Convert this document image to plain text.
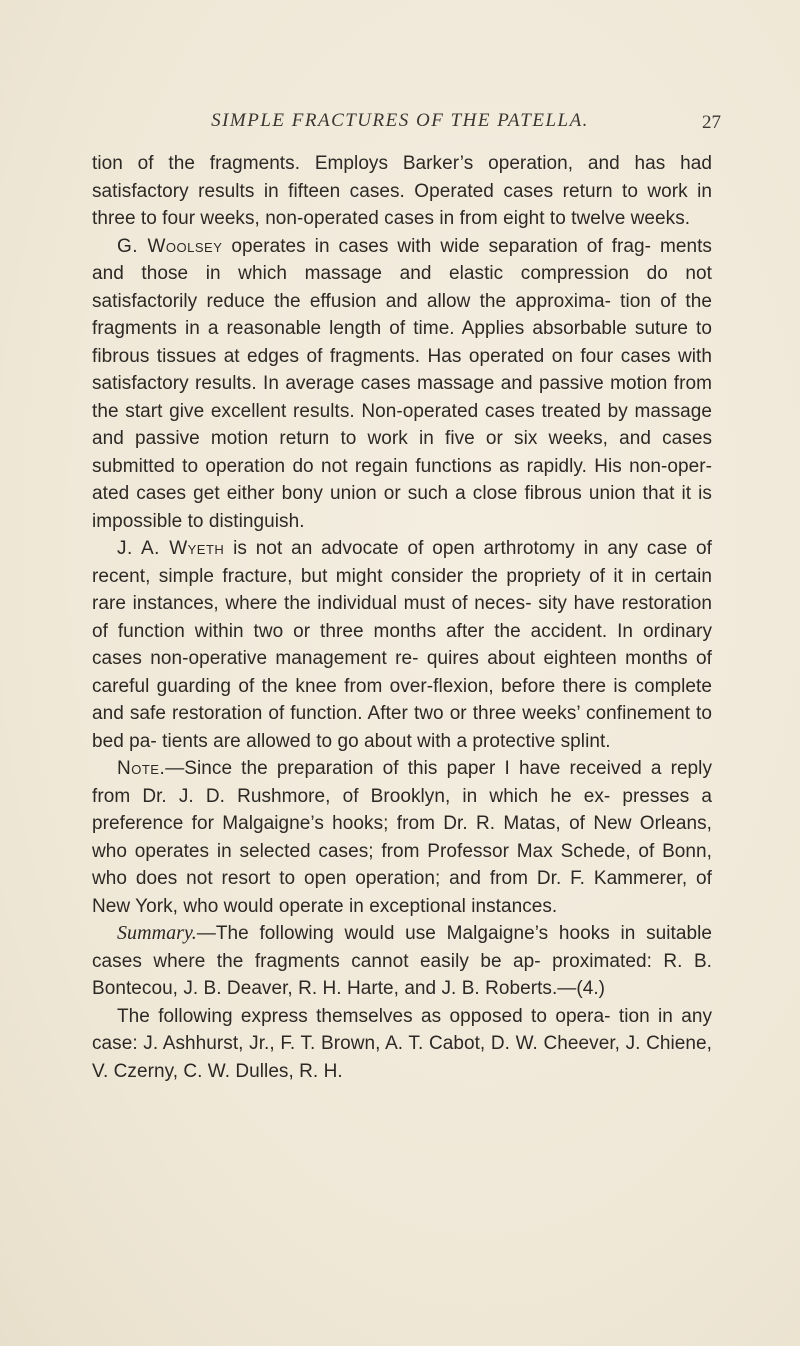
SIMPLE FRACTURES OF THE PATELLA.	27

tion of the fragments. Employs Barker’s operation, and has had satisfactory results in fifteen cases. Operated cases return to work in three to four weeks, non-operated cases in from eight to twelve weeks.

G. Woolsey operates in cases with wide separation of frag- ments and those in which massage and elastic compression do not satisfactorily reduce the effusion and allow the approxima- tion of the fragments in a reasonable length of time. Applies absorbable suture to fibrous tissues at edges of fragments. Has operated on four cases with satisfactory results. In average cases massage and passive motion from the start give excellent results. Non-operated cases treated by massage and passive motion return to work in five or six weeks, and cases submitted to operation do not regain functions as rapidly. His non-oper- ated cases get either bony union or such a close fibrous union that it is impossible to distinguish.

J. A. Wyeth is not an advocate of open arthrotomy in any case of recent, simple fracture, but might consider the propriety of it in certain rare instances, where the individual must of neces- sity have restoration of function within two or three months after the accident. In ordinary cases non-operative management re- quires about eighteen months of careful guarding of the knee from over-flexion, before there is complete and safe restoration of function. After two or three weeks’ confinement to bed pa- tients are allowed to go about with a protective splint.

Note.—Since the preparation of this paper I have received a reply from Dr. J. D. Rushmore, of Brooklyn, in which he ex- presses a preference for Malgaigne’s hooks; from Dr. R. Matas, of New Orleans, who operates in selected cases; from Professor Max Schede, of Bonn, who does not resort to open operation; and from Dr. F. Kammerer, of New York, who would operate in exceptional instances.

Summary.—The following would use Malgaigne’s hooks in suitable cases where the fragments cannot easily be ap- proximated: R. B. Bontecou, J. B. Deaver, R. H. Harte, and J. B. Roberts.—(4.)

The following express themselves as opposed to opera- tion in any case: J. Ashhurst, Jr., F. T. Brown, A. T. Cabot, D. W. Cheever, J. Chiene, V. Czerny, C. W. Dulles, R. H.
